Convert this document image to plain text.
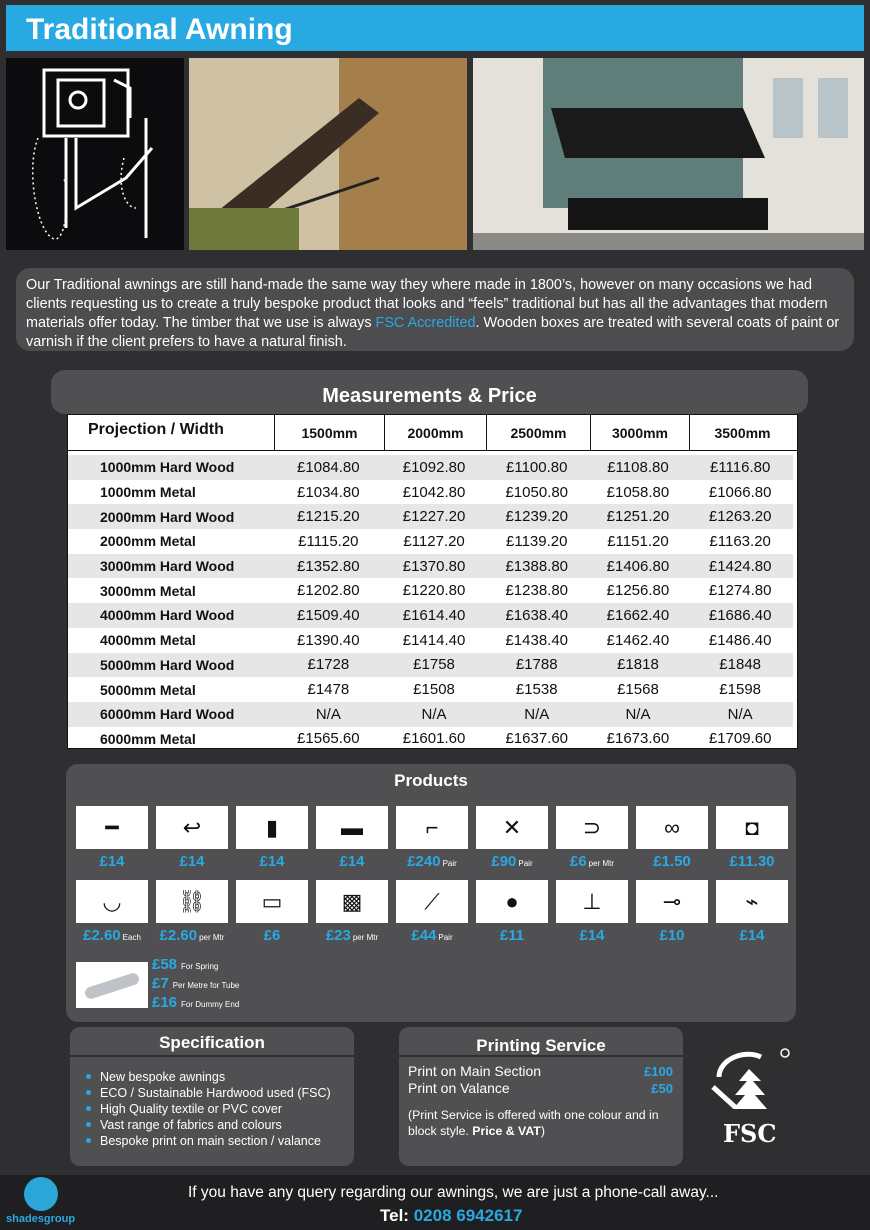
Traditional Awning
Our Traditional awnings are still hand-made the same way they where made in 1800’s, however on many occasions we had clients requesting us to create a truly bespoke product that looks and “feels” traditional but has all the advantages that modern materials offer today. The timber that we use is always FSC Accredited. Wooden boxes are treated with several coats of paint or varnish if the client prefers to have a natural finish.
Measurements & Price
Projection / Width	1500mm	2000mm	2500mm	3000mm	3500mm
1000mm Hard Wood	£1084.80	£1092.80	£1100.80	£1108.80	£1116.80
1000mm Metal	£1034.80	£1042.80	£1050.80	£1058.80	£1066.80
2000mm Hard Wood	£1215.20	£1227.20	£1239.20	£1251.20	£1263.20
2000mm Metal	£1115.20	£1127.20	£1139.20	£1151.20	£1163.20
3000mm Hard Wood	£1352.80	£1370.80	£1388.80	£1406.80	£1424.80
3000mm Metal	£1202.80	£1220.80	£1238.80	£1256.80	£1274.80
4000mm Hard Wood	£1509.40	£1614.40	£1638.40	£1662.40	£1686.40
4000mm Metal	£1390.40	£1414.40	£1438.40	£1462.40	£1486.40
5000mm Hard Wood	£1728	£1758	£1788	£1818	£1848
5000mm Metal	£1478	£1508	£1538	£1568	£1598
6000mm Hard Wood	N/A	N/A	N/A	N/A	N/A
6000mm Metal	£1565.60	£1601.60	£1637.60	£1673.60	£1709.60
Products
━
£14
↩
£14
▮
£14
▬
£14
⌐
£240 Pair
✕
£90 Pair
⊃
£6 per Mtr
∞
£1.50
◘
£11.30
◡
£2.60 Each
⛓
£2.60 per Mtr
▭
£6
▩
£23 per Mtr
⟋
£44 Pair
●
£11
⊥
£14
⊸
£10
⌁
£14
£58 For Spring
£7 Per Metre for Tube
£16 For Dummy End
Specification
New bespoke awnings
ECO / Sustainable Hardwood used (FSC)
High Quality textile or PVC cover
Vast range of fabrics and colours
Bespoke print on main section / valance
Printing Service
Print on Main Section	£100
Print on Valance	£50
(Print Service is offered with one colour and in block style. Price & VAT)	FSC
shadesgroup
If you have any query regarding our awnings, we are just a phone-call away...
Tel: 0208 6942617
